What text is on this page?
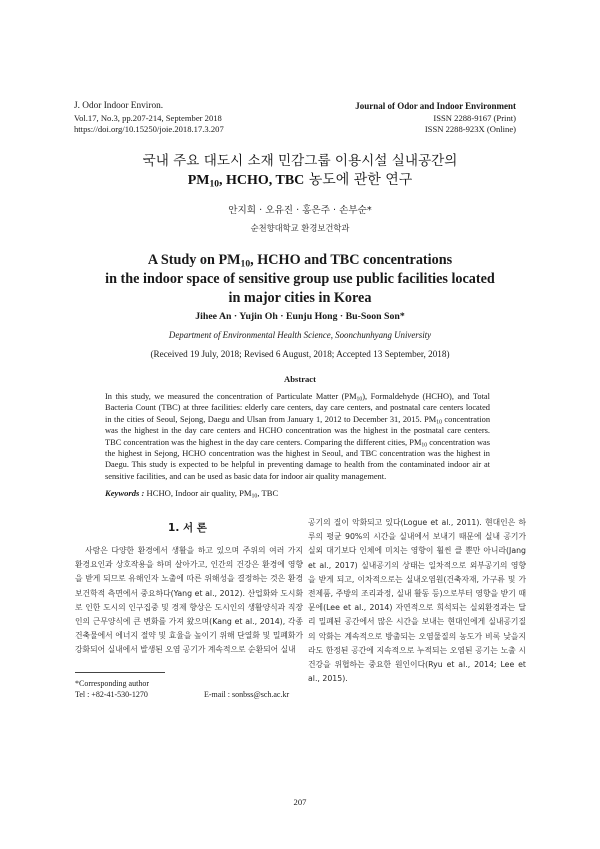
J. Odor Indoor Environ.
Vol.17, No.3, pp.207-214, September 2018
https://doi.org/10.15250/joie.2018.17.3.207
Journal of Odor and Indoor Environment
ISSN 2288-9167 (Print)
ISSN 2288-923X (Online)
국내 주요 대도시 소재 민감그룹 이용시설 실내공간의
$PM_{10}$, HCHO, TBC 농도에 관한 연구
안지희 · 오유진 · 홍은주 · 손부순*
순천향대학교 환경보건학과
A Study on $PM_{10}$, HCHO and TBC concentrations
in the indoor space of sensitive group use public facilities located
in major cities in Korea
Jihee An · Yujin Oh · Eunju Hong · Bu-Soon Son*
Department of Environmental Health Science, Soonchunhyang University
(Received 19 July, 2018; Revised 6 August, 2018; Accepted 13 September, 2018)
Abstract
In this study, we measured the concentration of Particulate Matter $(PM_{10})$, Formaldehyde (HCHO), and Total Bacteria Count (TBC) at three facilities: elderly care centers, day care centers, and postnatal care centers located in the cities of Seoul, Sejong, Daegu and Ulsan from January 1, 2012 to December 31, 2015. $PM_{10}$ concentration was the highest in the day care centers and HCHO concentration was the highest in the postnatal care centers. TBC concentration was the highest in the day care centers. Comparing the different cities, $PM_{10}$ concentration was the highest in Sejong, HCHO concentration was the highest in Seoul, and TBC concentration was the highest in Daegu. This study is expected to be helpful in preventing damage to health from the contaminated indoor air at sensitive facilities, and can be used as basic data for indoor air quality management.
Keywords : HCHO, Indoor air quality, $PM_{10}$, TBC
1. 서 론
사람은 다양한 환경에서 생활을 하고 있으며 주위의 여러 가지 환경요인과 상호작용을 하며 살아가고, 인간의 건강은 환경에 영향을 받게 되므로 유해인자 노출에 따른 위해성을 결정하는 것은 환경보건학적 측면에서 중요하다(Yang et al., 2012). 산업화와 도시화로 인한 도시의 인구집중 및 경제 향상은 도시인의 생활양식과 직장인의 근무양식에 큰 변화를 가져 왔으며(Kang et al., 2014), 각종 건축물에서 에너지 절약 및 효율을 높이기 위해 단열화 및 밀폐화가 강화되어 실내에서 발생된 오염 공기가 계속적으로 순환되어 실내
공기의 질이 악화되고 있다(Logue et al., 2011). 현대인은 하루의 평균 90%의 시간을 실내에서 보내기 때문에 실내 공기가 실외 대기보다 인체에 미치는 영향이 훨씬 클 뿐만 아니라(Jang et al., 2017) 실내공기의 상태는 일차적으로 외부공기의 영향을 받게 되고, 이차적으로는 실내오염원(건축자재, 가구류 및 가전제품, 주방의 조리과정, 실내 활동 등)으로부터 영향을 받기 때문에(Lee et al., 2014) 자연적으로 희석되는 실외환경과는 달리 밀폐된 공간에서 많은 시간을 보내는 현대인에게 실내공기질의 악화는 계속적으로 방출되는 오염물질의 농도가 비록 낮을지라도 한정된 공간에 지속적으로 누적되는 오염된 공기는 노출 시 건강을 위협하는 중요한 원인이다(Ryu et al., 2014; Lee et al., 2015).
*Corresponding author
Tel : +82-41-530-1270	E-mail : sonbss@sch.ac.kr
207
